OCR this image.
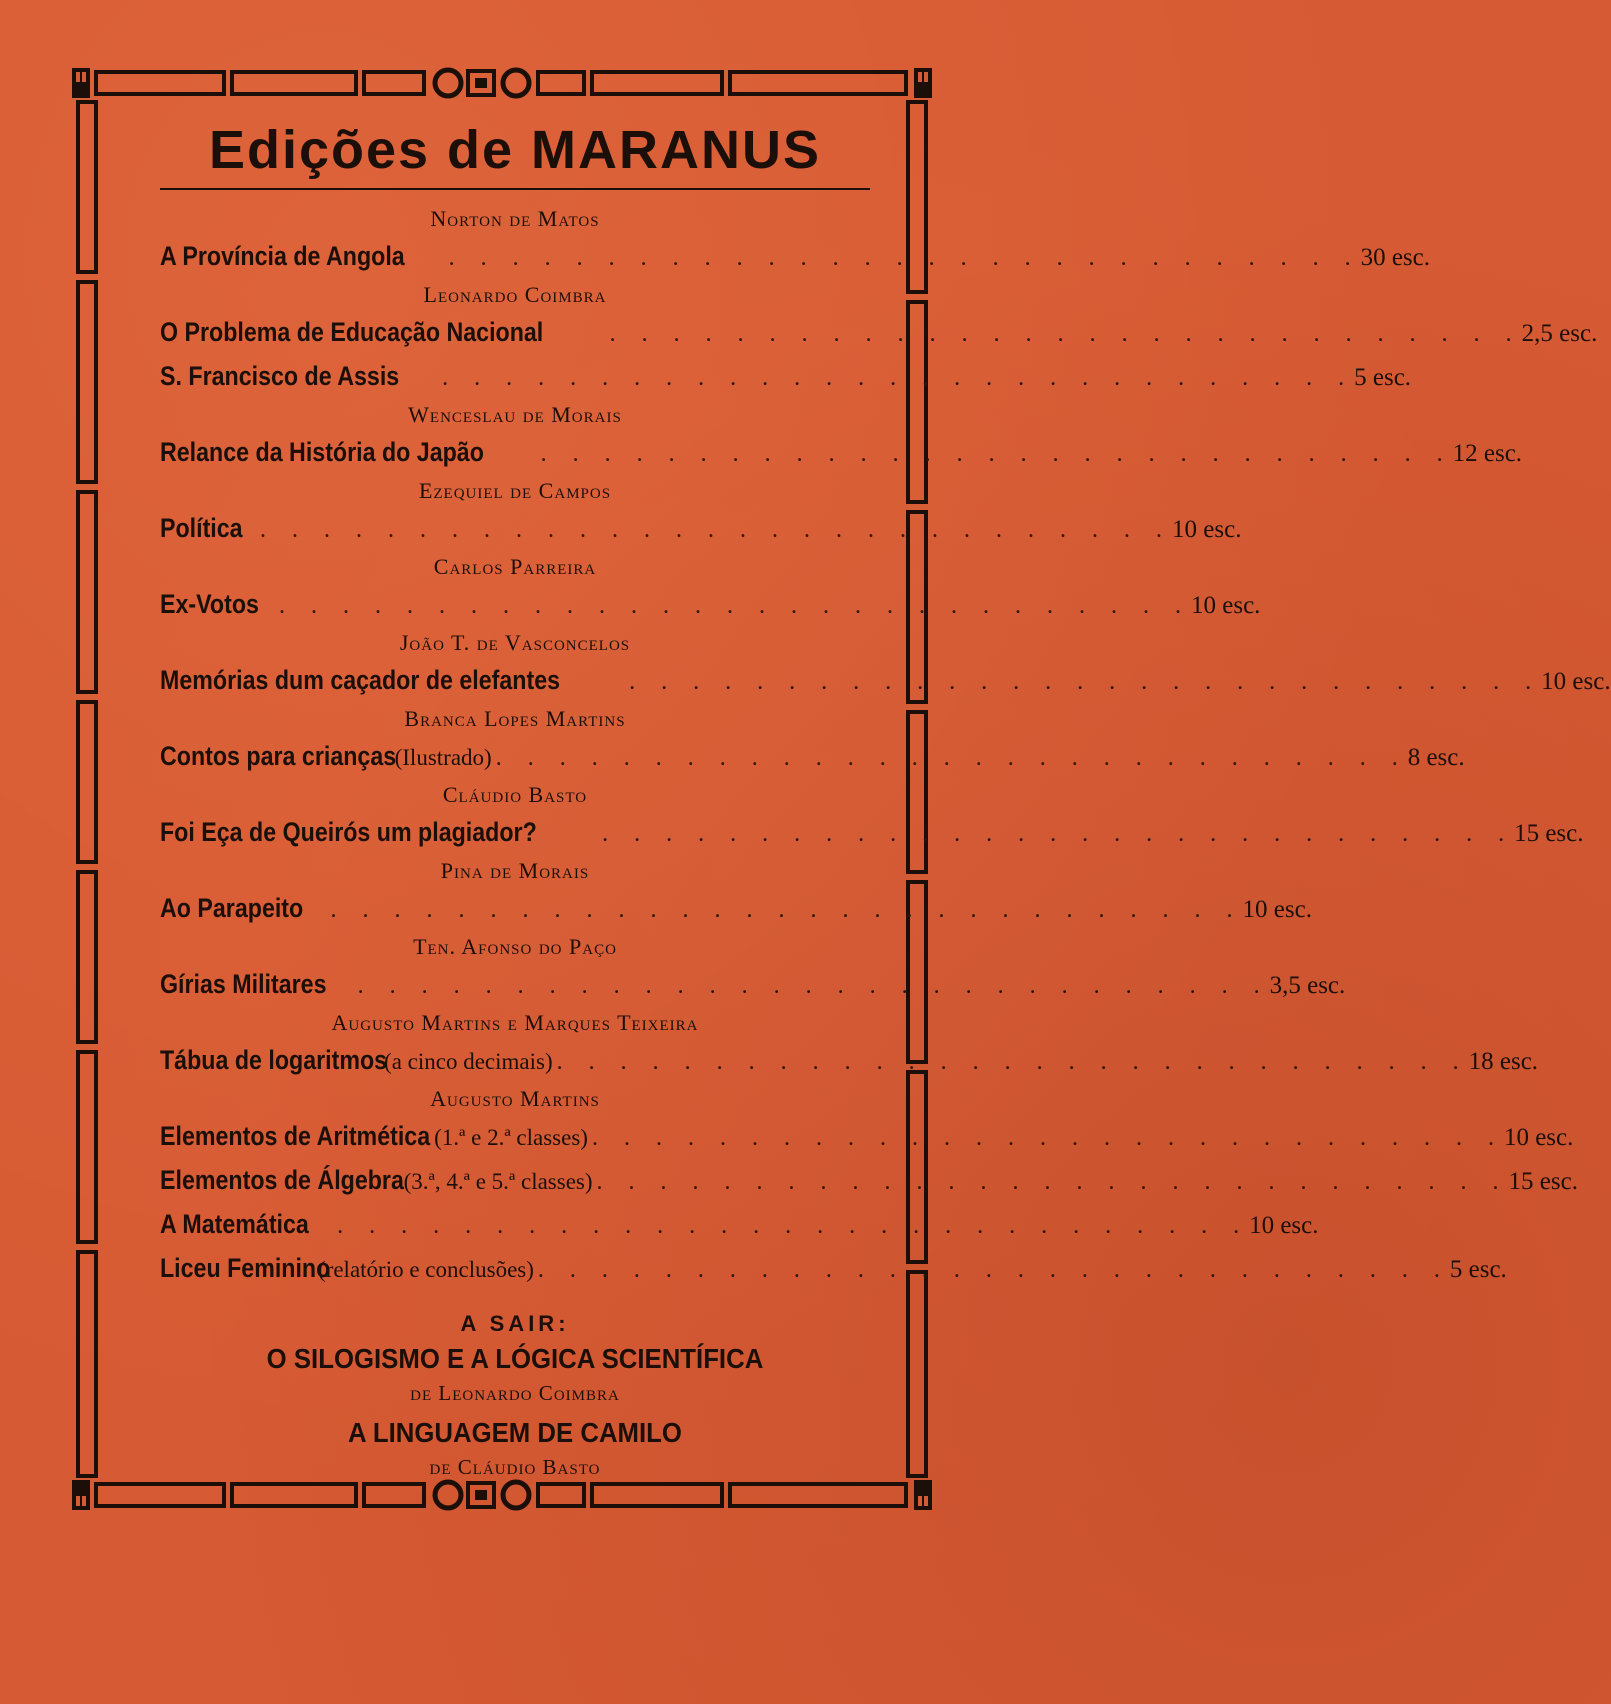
Edições de MARANUS
Norton de Matos
A Província de Angola . . . . . . . . . . . . . . . . . . . . . . . . . . . . . 30 esc.
Leonardo Coimbra
O Problema de Educação Nacional	. . . . . . . . . . . . . . . . . . . . . . . . . . . . . 2,5 esc.
S. Francisco de Assis . . . . . . . . . . . . . . . . . . . . . . . . . . . . . 5 esc.
Wenceslau de Morais
Relance da História do Japão . . . . . . . . . . . . . . . . . . . . . . . . . . . . . 12 esc.
Ezequiel de Campos
Política . . . . . . . . . . . . . . . . . . . . . . . . . . . . . 10 esc.
Carlos Parreira
Ex-Votos . . . . . . . . . . . . . . . . . . . . . . . . . . . . . 10 esc.
João T. de Vasconcelos
Memórias dum caçador de elefantes	. . . . . . . . . . . . . . . . . . . . . . . . . . . . . 10 esc.
Branca Lopes Martins
Contos para crianças
(Ilustrado) . . . . . . . . . . . . . . . . . . . . . . . . . . . . . 8 esc.
Cláudio Basto
Foi Eça de Queirós um plagiador?	. . . . . . . . . . . . . . . . . . . . . . . . . . . . . 15 esc.
Pina de Morais
Ao Parapeito . . . . . . . . . . . . . . . . . . . . . . . . . . . . . 10 esc.
Ten. Afonso do Paço
Gírias Militares . . . . . . . . . . . . . . . . . . . . . . . . . . . . . 3,5 esc.
Augusto Martins e Marques Teixeira
Tábua de logaritmos
(a cinco decimais) . . . . . . . . . . . . . . . . . . . . . . . . . . . . . 18 esc.
Augusto Martins
Elementos de Aritmética (1.ª e 2.ª classes) . . . . . . . . . . . . . . . . . . . . . . . . . . . . . 10 esc.
Elementos de Álgebra (3.ª, 4.ª e 5.ª classes) . . . . . . . . . . . . . . . . . . . . . . . . . . . . . 15 esc.
A Matemática . . . . . . . . . . . . . . . . . . . . . . . . . . . . . 10 esc.
Liceu Feminino
(relatório e conclusões) . . . . . . . . . . . . . . . . . . . . . . . . . . . . . 5 esc.
A SAIR:
O SILOGISMO E A LÓGICA SCIENTÍFICA
de Leonardo Coimbra
A LINGUAGEM DE CAMILO
de Cláudio Basto
